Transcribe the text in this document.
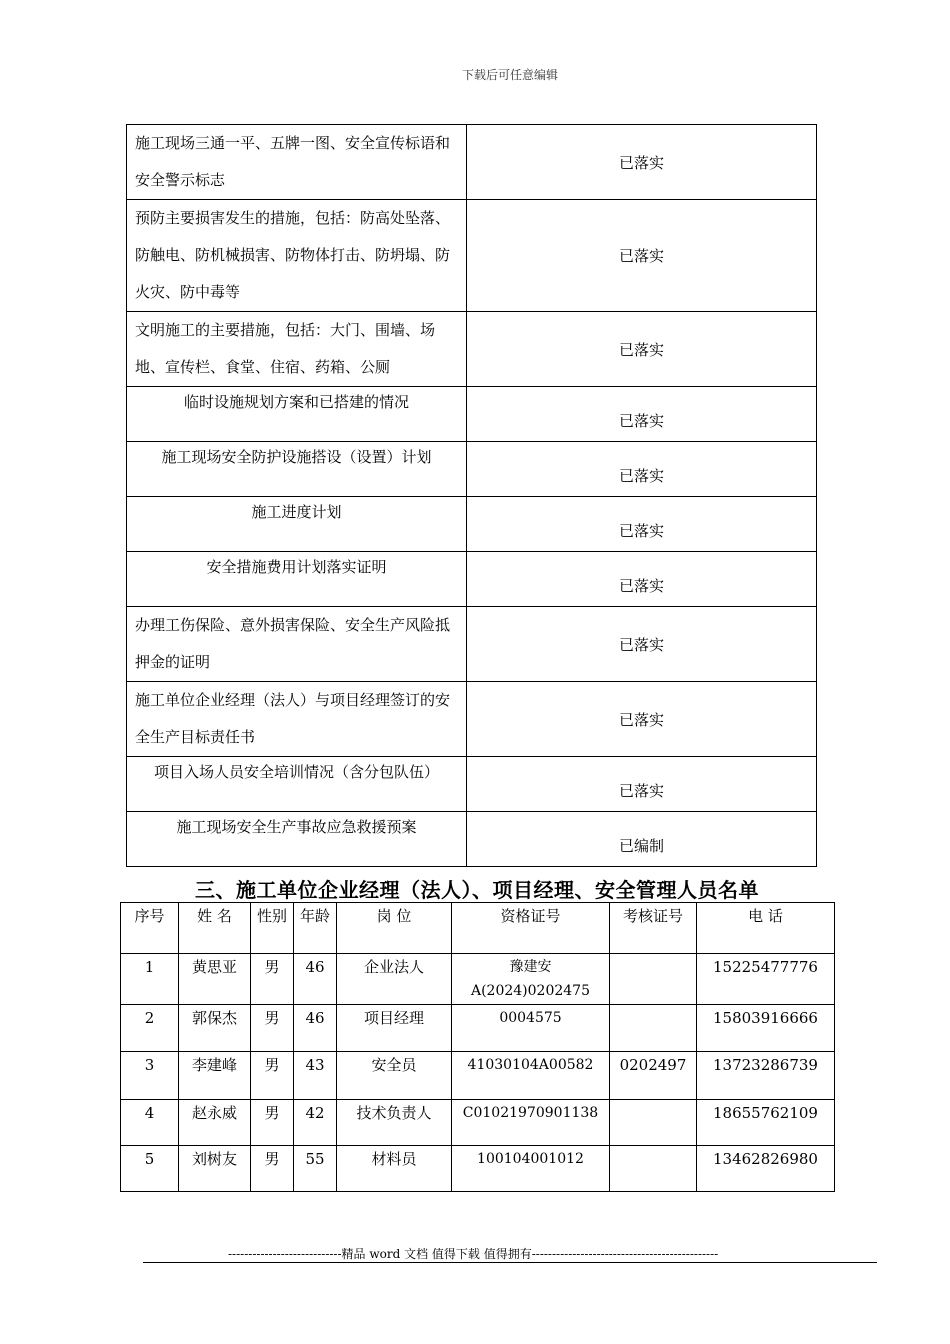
下载后可任意编辑
施工现场三通一平、五牌一图、安全宣传标语和安全警示标志	已落实
预防主要损害发生的措施，包括：防高处坠落、防触电、防机械损害、防物体打击、防坍塌、防火灾、防中毒等	已落实
文明施工的主要措施，包括：大门、围墙、场地、宣传栏、食堂、住宿、药箱、公厕	已落实
临时设施规划方案和已搭建的情况	已落实
施工现场安全防护设施搭设（设置）计划	已落实
施工进度计划	已落实
安全措施费用计划落实证明	已落实
办理工伤保险、意外损害保险、安全生产风险抵押金的证明	已落实
施工单位企业经理（法人）与项目经理签订的安全生产目标责任书	已落实
项目入场人员安全培训情况（含分包队伍）	已落实
施工现场安全生产事故应急救援预案	已编制
三、施工单位企业经理（法人）、项目经理、安全管理人员名单
序号	姓 名	性别	年龄	岗 位	资格证号	考核证号	电 话
1	黄思亚	男	46	企业法人	豫建安A(2024)0202475		15225477776
2	郭保杰	男	46	项目经理	0004575		15803916666
3	李建峰	男	43	安全员	41030104A00582	0202497	13723286739
4	赵永威	男	42	技术负责人	C01021970901138		18655762109
5	刘树友	男	55	材料员	100104001012		13462826980
----------------------------精品 word 文档 值得下载 值得拥有----------------------------------------------
